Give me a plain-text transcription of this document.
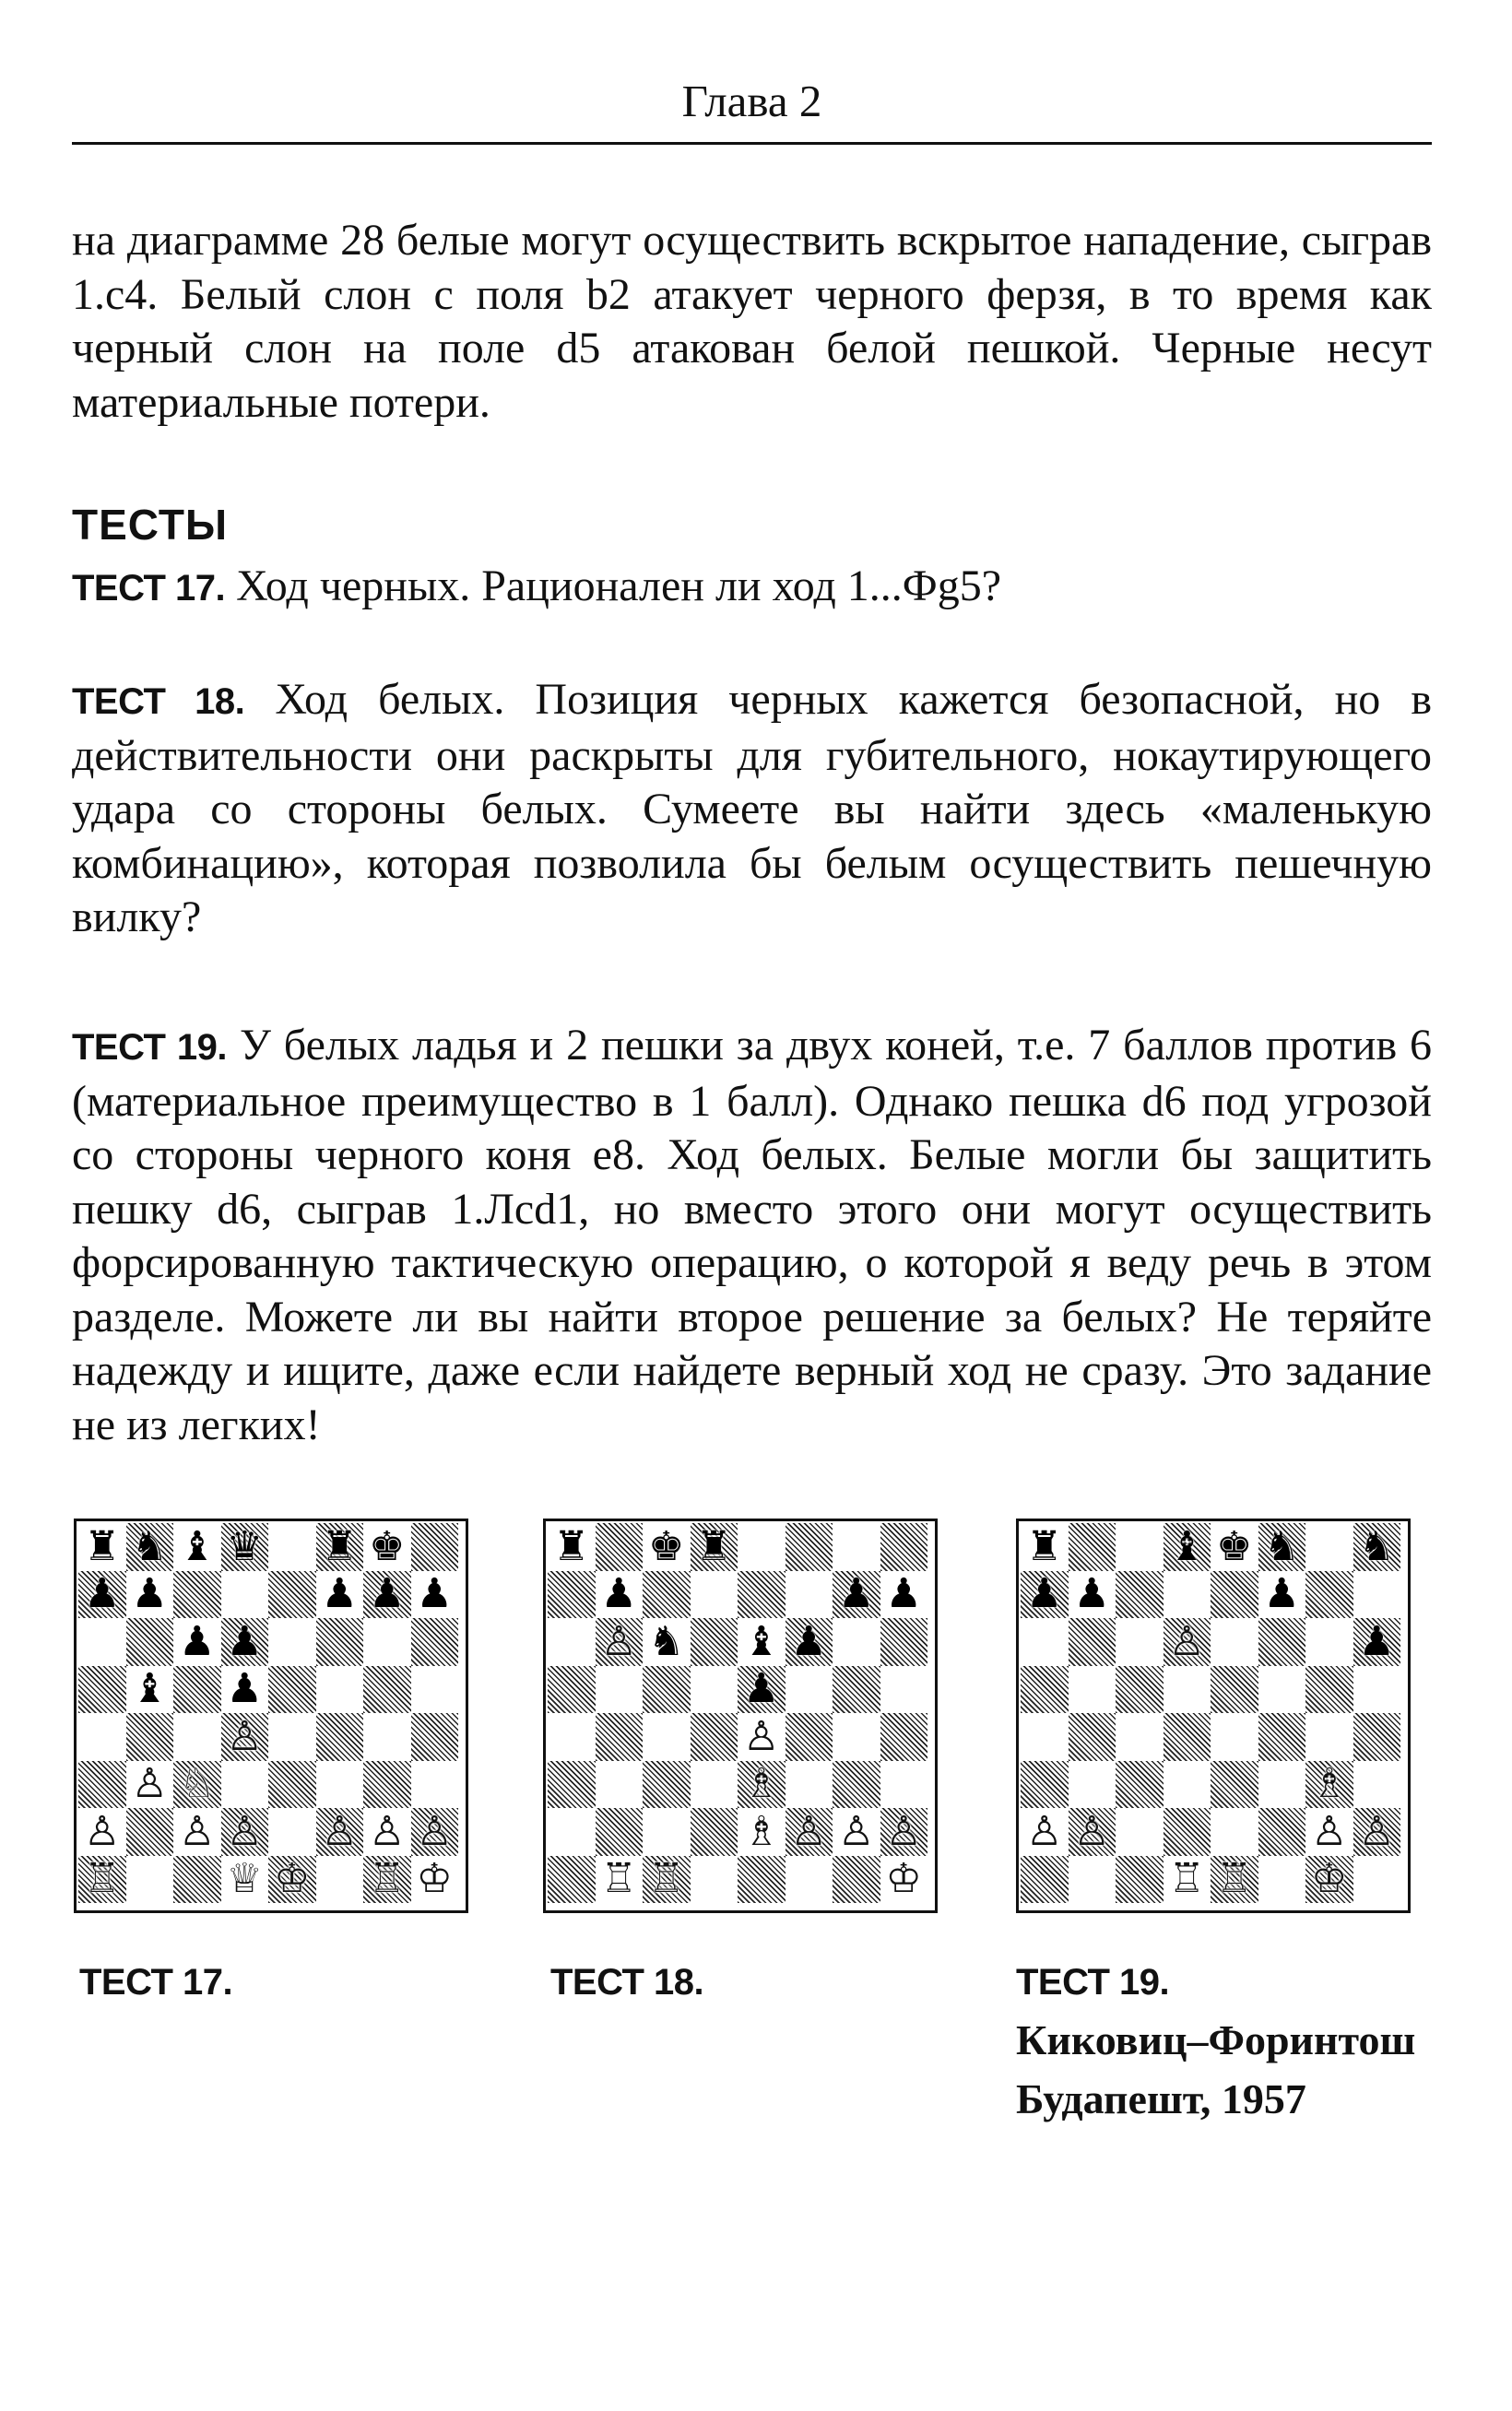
Глава 2

на диаграмме 28 белые могут осуществить вскрытое нападение, сыграв 1.c4. Белый слон с поля b2 атакует черного ферзя, в то время как черный слон на поле d5 атакован белой пешкой. Черные несут материальные потери.

ТЕСТЫ

ТЕСТ 17. Ход черных. Рационален ли ход 1...Фg5?

ТЕСТ 18. Ход белых. Позиция черных кажется безопасной, но в действительности они раскрыты для губительного, нокаутирующего удара со стороны белых. Сумеете вы найти здесь «маленькую комбинацию», которая позволила бы белым осуществить пешечную вилку?

ТЕСТ 19. У белых ладья и 2 пешки за двух коней, т.е. 7 баллов против 6 (материальное преимущество в 1 балл). Однако пешка d6 под угрозой со стороны черного коня e8. Ход белых. Белые могли бы защитить пешку d6, сыграв 1.Лcd1, но вместо этого они могут осуществить форсированную тактическую операцию, о которой я веду речь в этом разделе. Можете ли вы найти второе решение за белых? Не теряйте надежду и ищите, даже если найдете верный ход не сразу. Это задание не из легких!

♜ ♞ ♝ ♛ ♜ ♚
♟ ♟	♟ ♟ ♟
♟ ♟
♝ ♟
♙
♙ ♘
♙ ♙ ♙ ♙ ♙ ♙
♖	♕ ♔ ♖ ♔
♜ ♚ ♜
♟	♟ ♟
♙ ♞ ♝ ♟
♟
♙
♗
♗ ♙ ♙ ♙
♖ ♖	♔
♜	♝ ♚ ♞ ♞
♟ ♟	♟
♙	♟
♗
♙ ♙	♙ ♙
♖ ♖ ♔
ТЕСТ 17.	ТЕСТ 18.	ТЕСТ 19.
Киковиц–Форинтош
Будапешт, 1957
